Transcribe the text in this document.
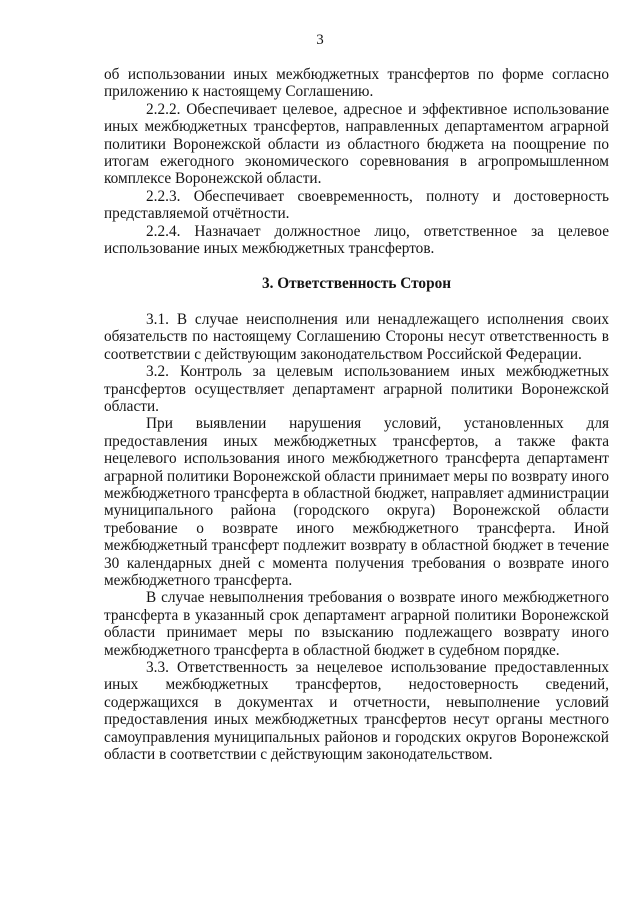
3

об использовании иных межбюджетных трансфертов по форме согласно приложению к настоящему Соглашению.

2.2.2. Обеспечивает целевое, адресное и эффективное использование иных межбюджетных трансфертов, направленных департаментом аграрной политики Воронежской области из областного бюджета на поощрение по итогам ежегодного экономического соревнования в агропромышленном комплексе Воронежской области.

2.2.3. Обеспечивает своевременность, полноту и достоверность представляемой отчётности.

2.2.4. Назначает должностное лицо, ответственное за целевое использование иных межбюджетных трансфертов.

3. Ответственность Сторон

3.1. В случае неисполнения или ненадлежащего исполнения своих обязательств по настоящему Соглашению Стороны несут ответственность в соответствии с действующим законодательством Российской Федерации.

3.2. Контроль за целевым использованием иных межбюджетных трансфертов осуществляет департамент аграрной политики Воронежской области.

При выявлении нарушения условий, установленных для предоставления иных межбюджетных трансфертов, а также факта нецелевого использования иного межбюджетного трансферта департамент аграрной политики Воронежской области принимает меры по возврату иного межбюджетного трансферта в областной бюджет, направляет администрации муниципального района (городского округа) Воронежской области требование о возврате иного межбюджетного трансферта. Иной межбюджетный трансферт подлежит возврату в областной бюджет в течение 30 календарных дней с момента получения требования о возврате иного межбюджетного трансферта.

В случае невыполнения требования о возврате иного межбюджетного трансферта в указанный срок департамент аграрной политики Воронежской области принимает меры по взысканию подлежащего возврату иного межбюджетного трансферта в областной бюджет в судебном порядке.

3.3. Ответственность за нецелевое использование предоставленных иных межбюджетных трансфертов, недостоверность сведений, содержащихся в документах и отчетности, невыполнение условий предоставления иных межбюджетных трансфертов несут органы местного самоуправления муниципальных районов и городских округов Воронежской области в соответствии с действующим законодательством.
